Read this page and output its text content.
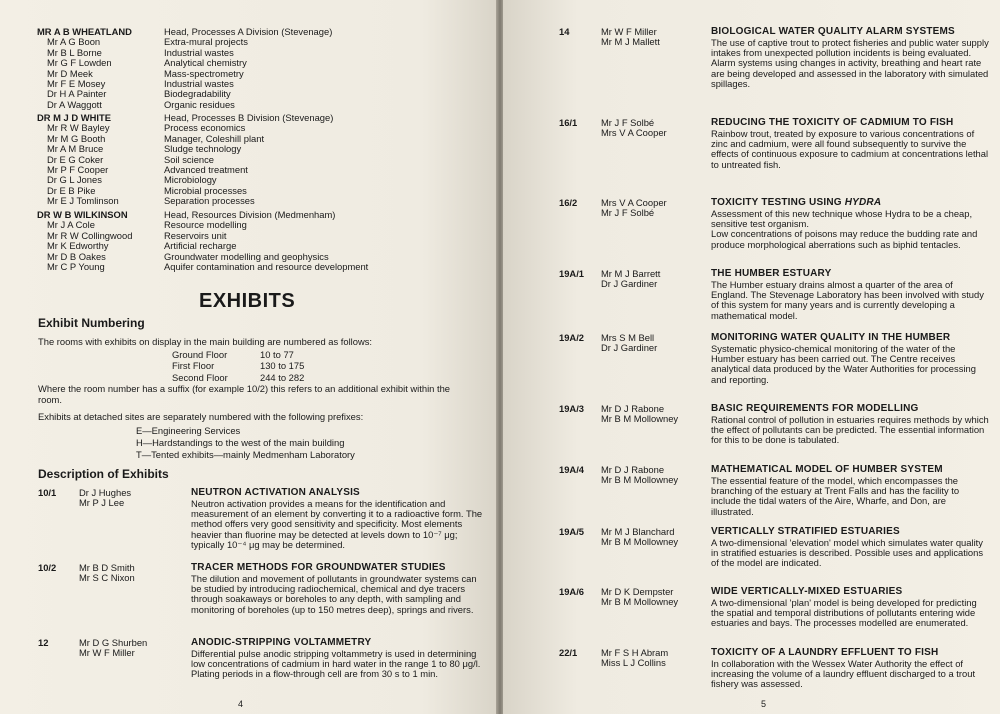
MR A B WHEATLAND	Head, Processes A Division (Stevenage)
Mr A G Boon	Extra-mural projects
Mr B L Borne	Industrial wastes
Mr G F Lowden	Analytical chemistry
Mr D Meek	Mass-spectrometry
Mr F E Mosey	Industrial wastes
Dr H A Painter	Biodegradability
Dr A Waggott	Organic residues
DR M J D WHITE	Head, Processes B Division (Stevenage)
Mr R W Bayley	Process economics
Mr M G Booth	Manager, Coleshill plant
Mr A M Bruce	Sludge technology
Dr E G Coker	Soil science
Mr P F Cooper	Advanced treatment
Dr G L Jones	Microbiology
Dr E B Pike	Microbial processes
Mr E J Tomlinson	Separation processes
DR W B WILKINSON	Head, Resources Division (Medmenham)
Mr J A Cole	Resource modelling
Mr R W Collingwood	Reservoirs unit
Mr K Edworthy	Artificial recharge
Mr D B Oakes	Groundwater modelling and geophysics
Mr C P Young	Aquifer contamination and resource development
EXHIBITS
Exhibit Numbering
The rooms with exhibits on display in the main building are numbered as follows:
Ground Floor	10 to 77
First Floor	130 to 175
Second Floor	244 to 282
Where the room number has a suffix (for example 10/2) this refers to an additional exhibit within the room.
Exhibits at detached sites are separately numbered with the following prefixes:
E—Engineering Services
H—Hardstandings to the west of the main building
T—Tented exhibits—mainly Medmenham Laboratory
Description of Exhibits
10/1 Dr J Hughes
Mr P J Lee
NEUTRON ACTIVATION ANALYSIS
Neutron activation provides a means for the identification and measurement of an element by converting it to a radioactive form. The method offers very good sensitivity and specificity. Most elements heavier than fluorine may be detected at levels down to 10⁻⁷ μg; typically 10⁻⁴ μg may be determined.
10/2 Mr B D Smith
Mr S C Nixon
TRACER METHODS FOR GROUNDWATER STUDIES
The dilution and movement of pollutants in groundwater systems can be studied by introducing radiochemical, chemical and dye tracers through soakaways or boreholes to any depth, with sampling and monitoring of boreholes (up to 150 metres deep), springs and rivers.
12	Mr D G Shurben
Mr W F Miller
ANODIC-STRIPPING VOLTAMMETRY
Differential pulse anodic stripping voltammetry is used in determining low concentrations of cadmium in hard water in the range 1 to 80 μg/l. Plating periods in a flow-through cell are from 30 s to 1 min.
4
14	Mr W F Miller
Mr M J Mallett
BIOLOGICAL WATER QUALITY ALARM SYSTEMS
The use of captive trout to protect fisheries and public water supply intakes from unexpected pollution incidents is being evaluated. Alarm systems using changes in activity, breathing and heart rate are being developed and assessed in the laboratory with simulated spillages.
16/1	Mr J F Solbé
Mrs V A Cooper
REDUCING THE TOXICITY OF CADMIUM TO FISH
Rainbow trout, treated by exposure to various concentrations of zinc and cadmium, were all found subsequently to survive the effects of continuous exposure to cadmium at concentrations lethal to untreated fish.
16/2	Mrs V A Cooper
Mr J F Solbé
TOXICITY TESTING USING HYDRA

Assessment of this new technique whose Hydra to be a cheap, sensitive test organism.

Low concentrations of poisons may reduce the budding rate and produce morphological aberrations such as biphid tentacles.

19A/1 Mr M J Barrett
Dr J Gardiner
THE HUMBER ESTUARY
The Humber estuary drains almost a quarter of the area of England. The Stevenage Laboratory has been involved with study of this system for many years and is currently developing a mathematical model.
19A/2 Mrs S M Bell
Dr J Gardiner
MONITORING WATER QUALITY IN THE HUMBER
Systematic physico-chemical monitoring of the water of the Humber estuary has been carried out. The Centre receives analytical data produced by the Water Authorities for processing and reporting.
19A/3 Mr D J Rabone
Mr B M Mollowney
BASIC REQUIREMENTS FOR MODELLING
Rational control of pollution in estuaries requires methods by which the effect of pollutants can be predicted. The essential information for this to be done is tabulated.
19A/4 Mr D J Rabone
Mr B M Mollowney
MATHEMATICAL MODEL OF HUMBER SYSTEM
The essential feature of the model, which encompasses the branching of the estuary at Trent Falls and has the facility to include the tidal waters of the Aire, Wharfe, and Don, are illustrated.
19A/5 Mr M J Blanchard
Mr B M Mollowney
VERTICALLY STRATIFIED ESTUARIES
A two-dimensional 'elevation' model which simulates water quality in stratified estuaries is described. Possible uses and applications of the model are indicated.
19A/6 Mr D K Dempster
Mr B M Mollowney
WIDE VERTICALLY-MIXED ESTUARIES
A two-dimensional 'plan' model is being developed for predicting the spatial and temporal distributions of pollutants entering wide estuaries and bays. The processes modelled are enumerated.
22/1	Mr F S H Abram
Miss L J Collins
TOXICITY OF A LAUNDRY EFFLUENT TO FISH
In collaboration with the Wessex Water Authority the effect of increasing the volume of a laundry effluent discharged to a trout fishery was assessed.
5
